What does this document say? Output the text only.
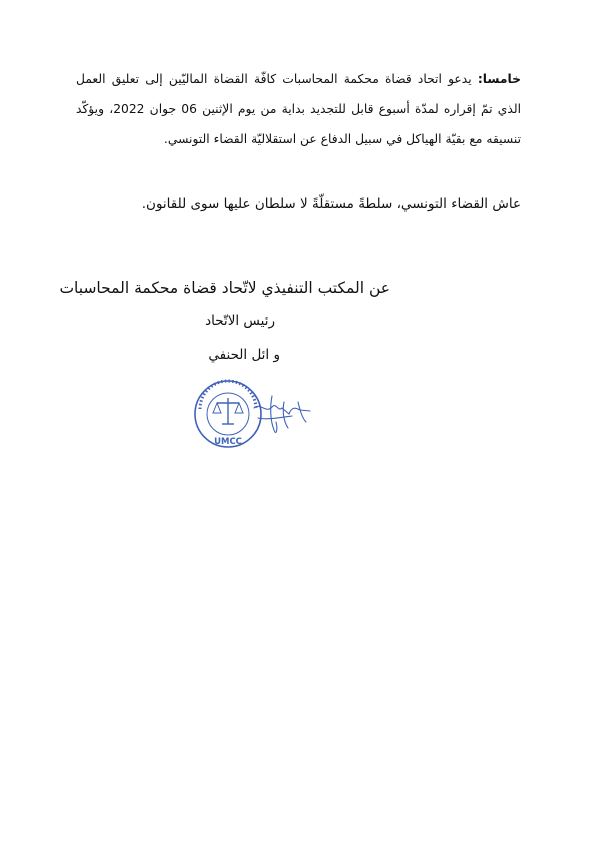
خامسا: يدعو اتحاد قضاة محكمة المحاسبات كافّة القضاة الماليّين إلى تعليق العمل الذي تمّ إقراره لمدّة أسبوع قابل للتجديد بداية من يوم الإثنين 06 جوان 2022، ويؤكّد تنسيقه مع بقيّة الهياكل في سبيل الدفاع عن استقلاليّة القضاء التونسي.
عاش القضاء التونسي، سلطةً مستقلّةً لا سلطان عليها سوى للقانون.
عن المكتب التنفيذي لاتّحاد قضاة محكمة المحاسبات
رئيس الاتّحاد
و ائل الحنفي
UMCC
